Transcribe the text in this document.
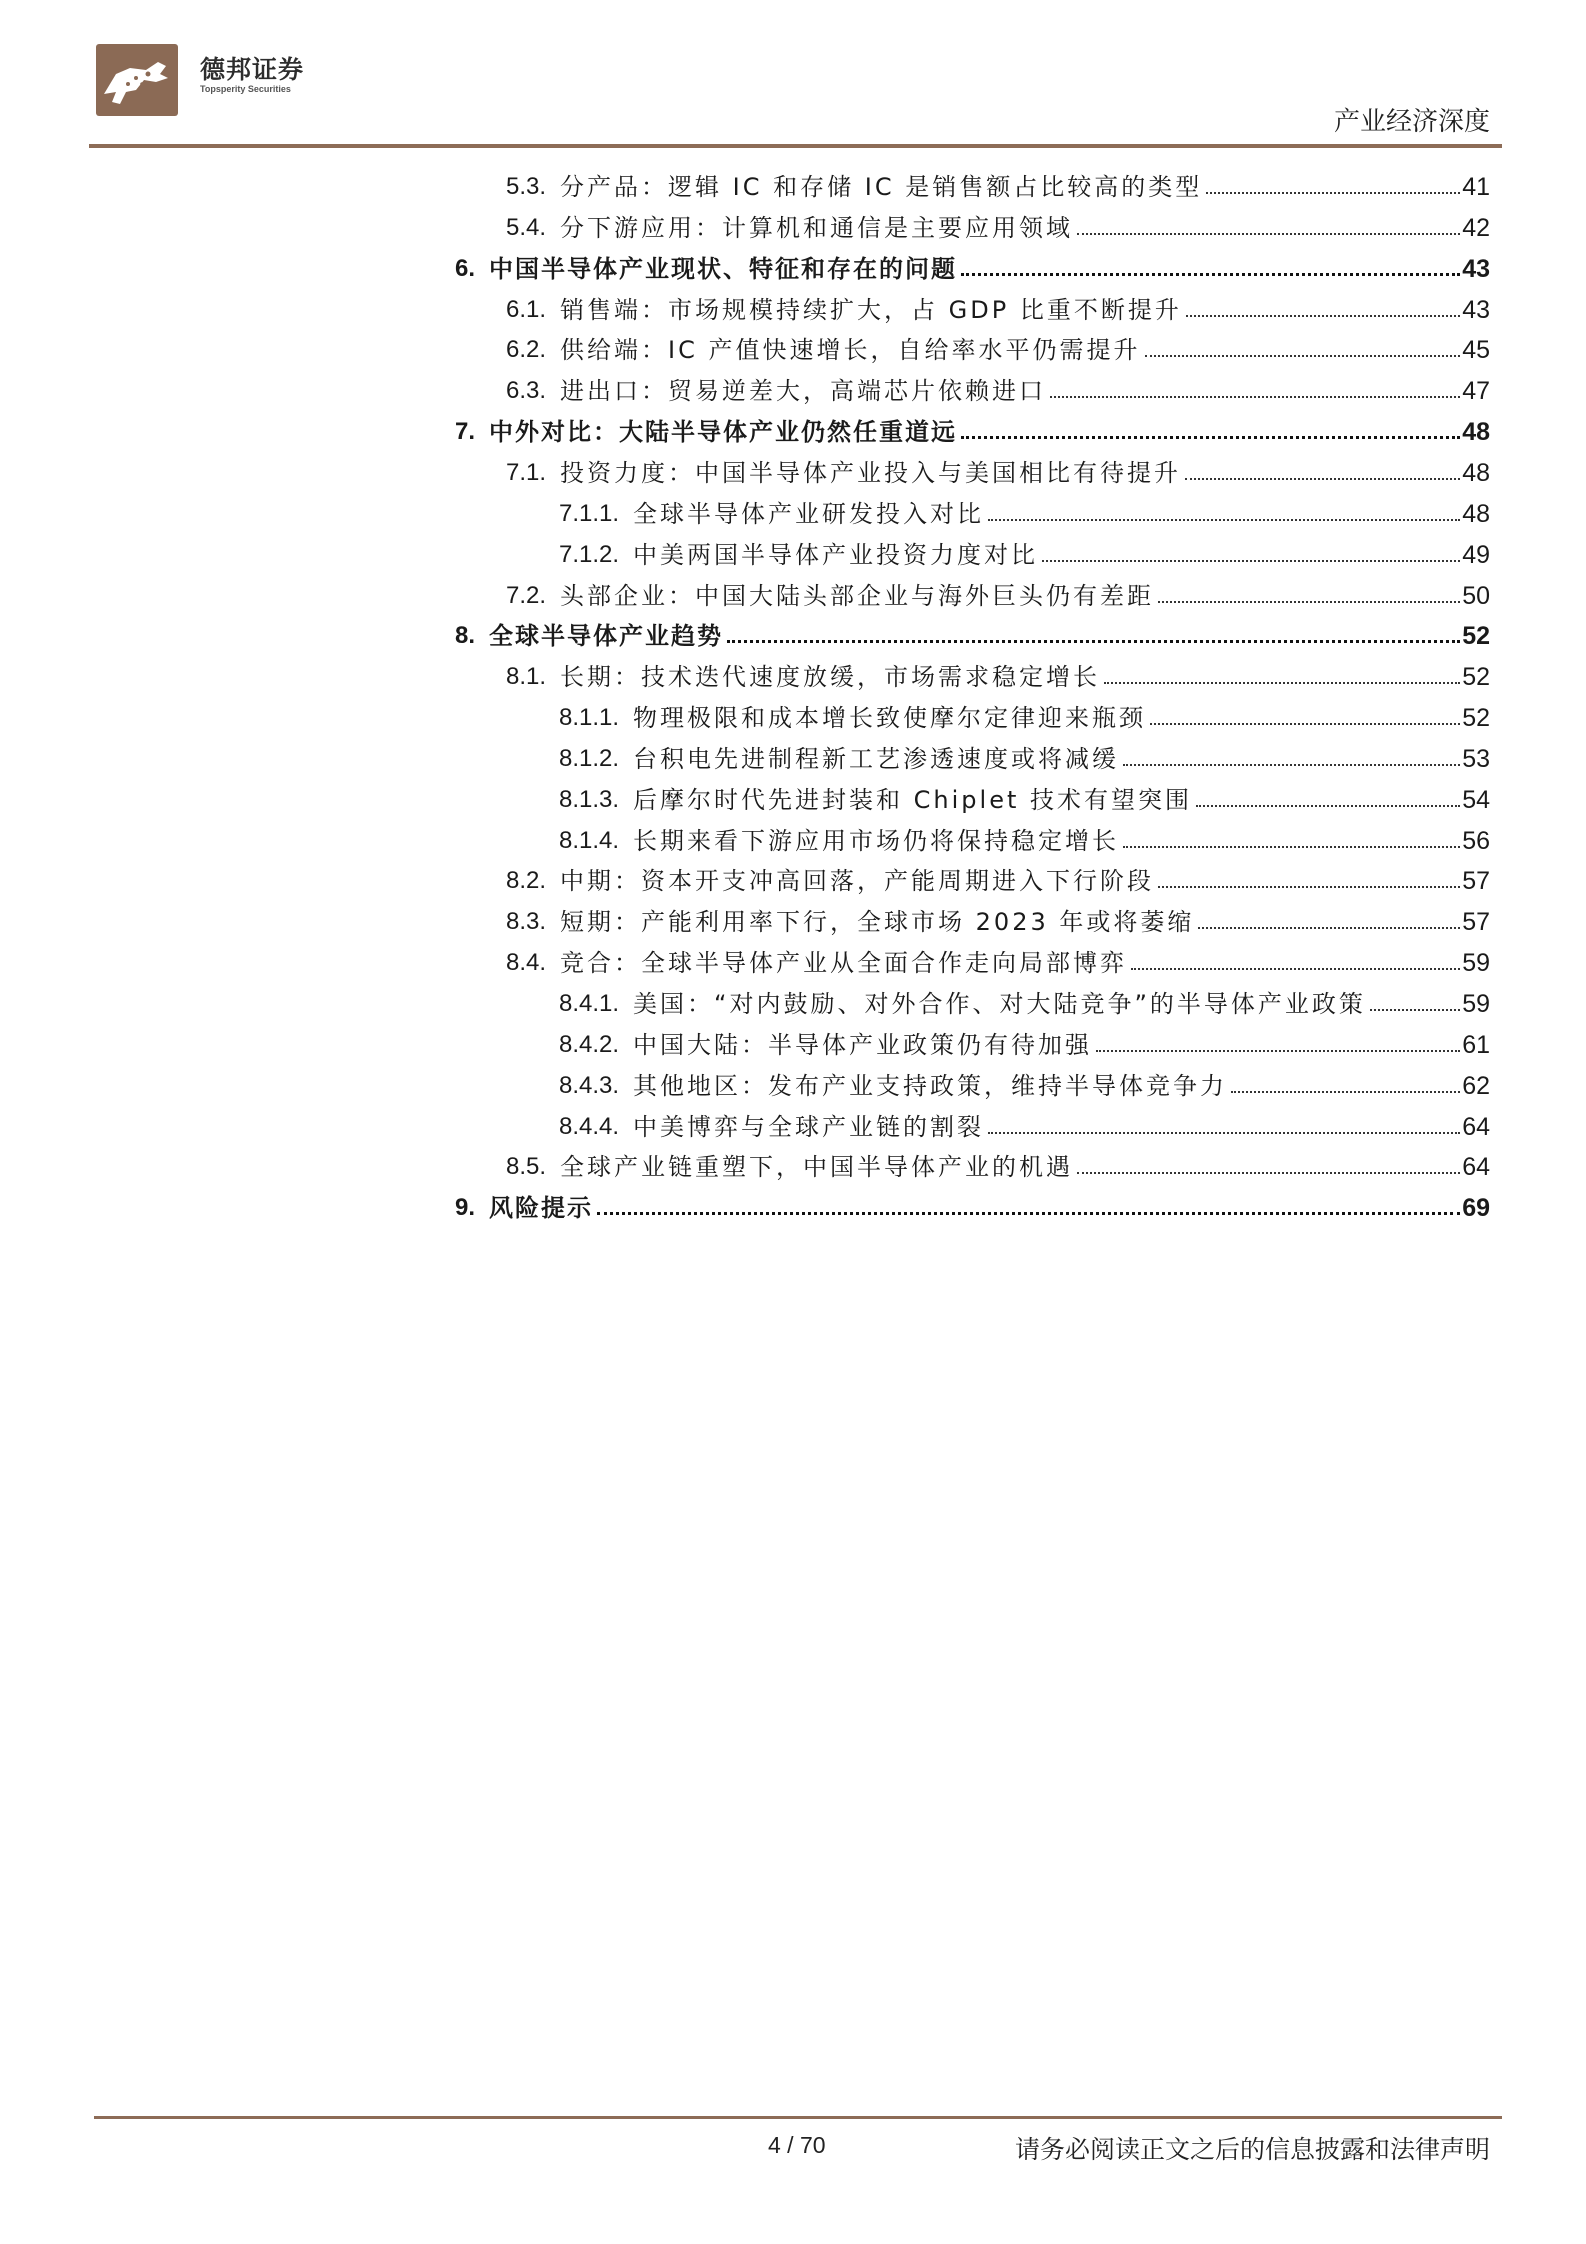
德邦证券
Topsperity Securities
产业经济深度
5.3. 分产品：逻辑 IC 和存储 IC 是销售额占比较高的类型	41
5.4. 分下游应用：计算机和通信是主要应用领域	42
6. 中国半导体产业现状、特征和存在的问题	43
6.1. 销售端：市场规模持续扩大，占 GDP 比重不断提升	43
6.2. 供给端：IC 产值快速增长，自给率水平仍需提升	45
6.3. 进出口：贸易逆差大，高端芯片依赖进口	47
7. 中外对比：大陆半导体产业仍然任重道远	48
7.1. 投资力度：中国半导体产业投入与美国相比有待提升	48
7.1.1. 全球半导体产业研发投入对比	48
7.1.2. 中美两国半导体产业投资力度对比	49
7.2. 头部企业：中国大陆头部企业与海外巨头仍有差距	50
8. 全球半导体产业趋势	52
8.1. 长期：技术迭代速度放缓，市场需求稳定增长	52
8.1.1. 物理极限和成本增长致使摩尔定律迎来瓶颈	52
8.1.2. 台积电先进制程新工艺渗透速度或将减缓	53
8.1.3. 后摩尔时代先进封装和 Chiplet 技术有望突围	54
8.1.4. 长期来看下游应用市场仍将保持稳定增长	56
8.2. 中期：资本开支冲高回落，产能周期进入下行阶段	57
8.3. 短期：产能利用率下行，全球市场 2023 年或将萎缩	57
8.4. 竞合：全球半导体产业从全面合作走向局部博弈	59
8.4.1. 美国：“对内鼓励、对外合作、对大陆竞争”的半导体产业政策	59
8.4.2. 中国大陆：半导体产业政策仍有待加强	61
8.4.3. 其他地区：发布产业支持政策，维持半导体竞争力	62
8.4.4. 中美博弈与全球产业链的割裂	64
8.5. 全球产业链重塑下，中国半导体产业的机遇	64
9. 风险提示	69
4 / 70	请务必阅读正文之后的信息披露和法律声明
